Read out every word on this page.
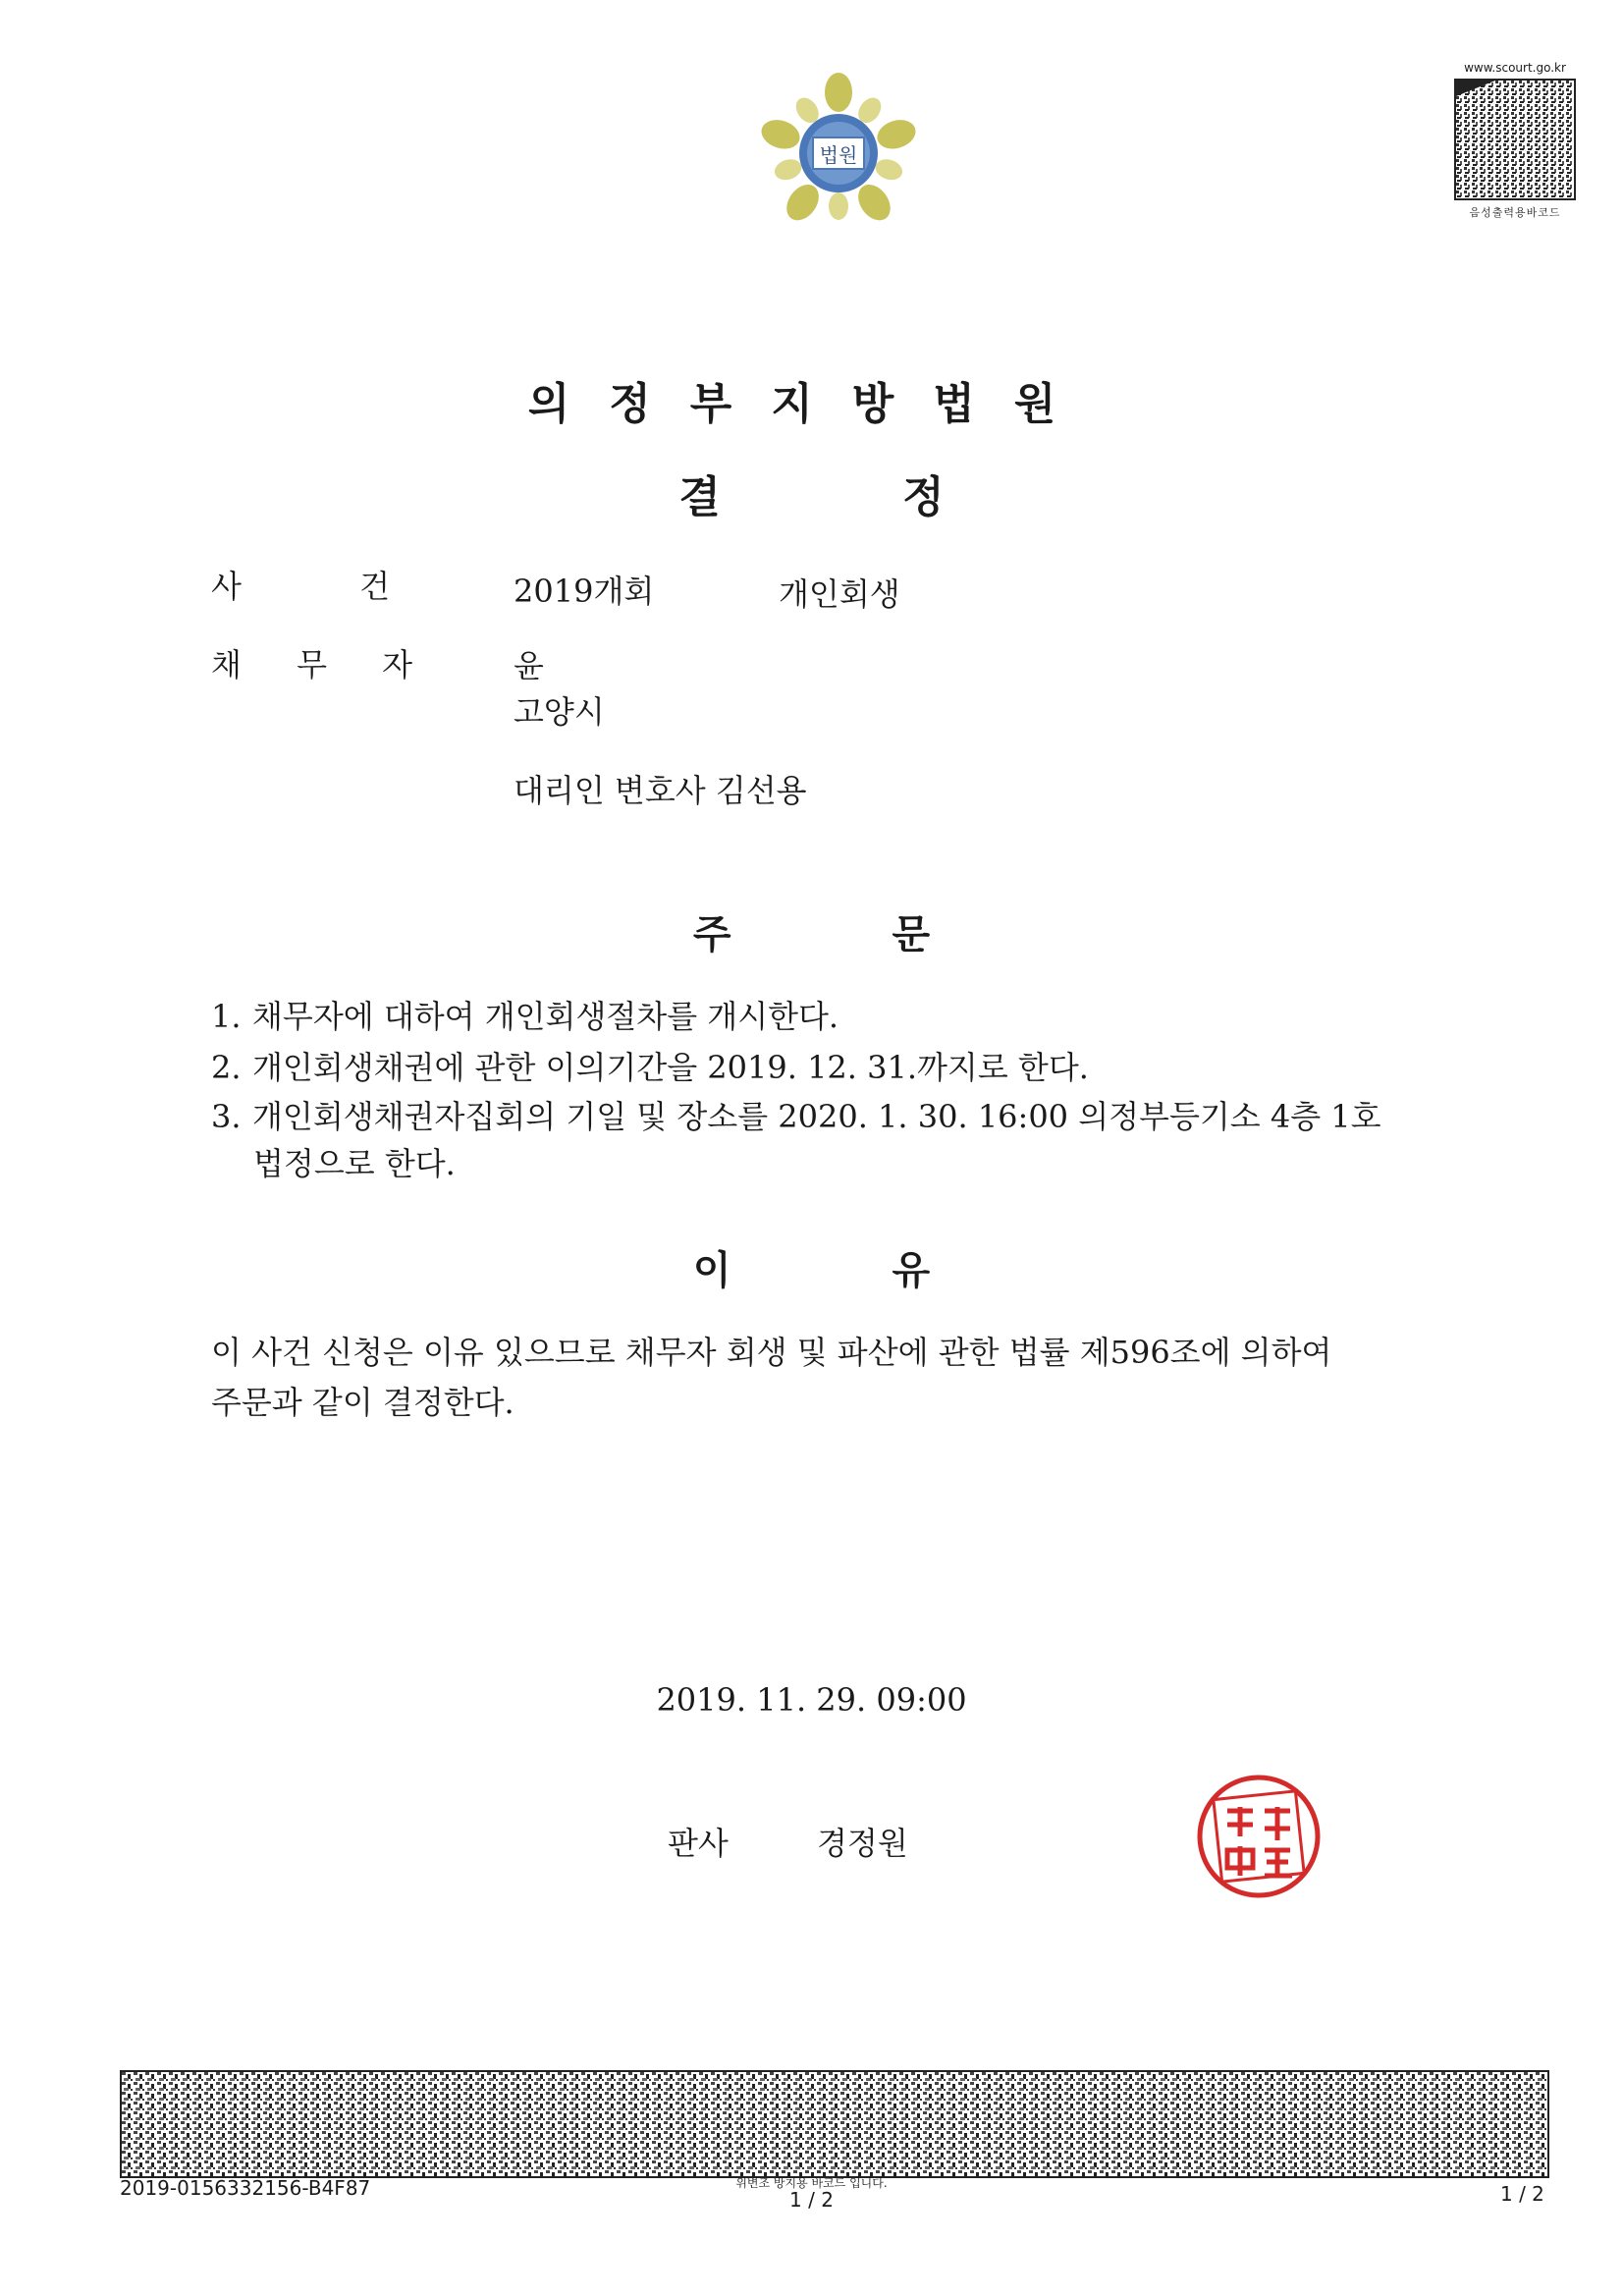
법원
www.scourt.go.kr
음성출력용바코드
의정부지방법원
결 정
사 건	2019개회	개인회생
채 무 자	윤
고양시
대리인 변호사 김선용
주 문
1. 채무자에 대하여 개인회생절차를 개시한다.
2. 개인회생채권에 관한 이의기간을 2019. 12. 31.까지로 한다.
3. 개인회생채권자집회의 기일 및 장소를 2020. 1. 30. 16:00 의정부등기소 4층 1호
법정으로 한다.
이 유
이 사건 신청은 이유 있으므로 채무자 회생 및 파산에 관한 법률 제596조에 의하여
주문과 같이 결정한다.
2019. 11. 29. 09:00
판사	경정원
2019-0156332156-B4F87	위변조 방지용 바코드 입니다.
1 / 2	1 / 2
